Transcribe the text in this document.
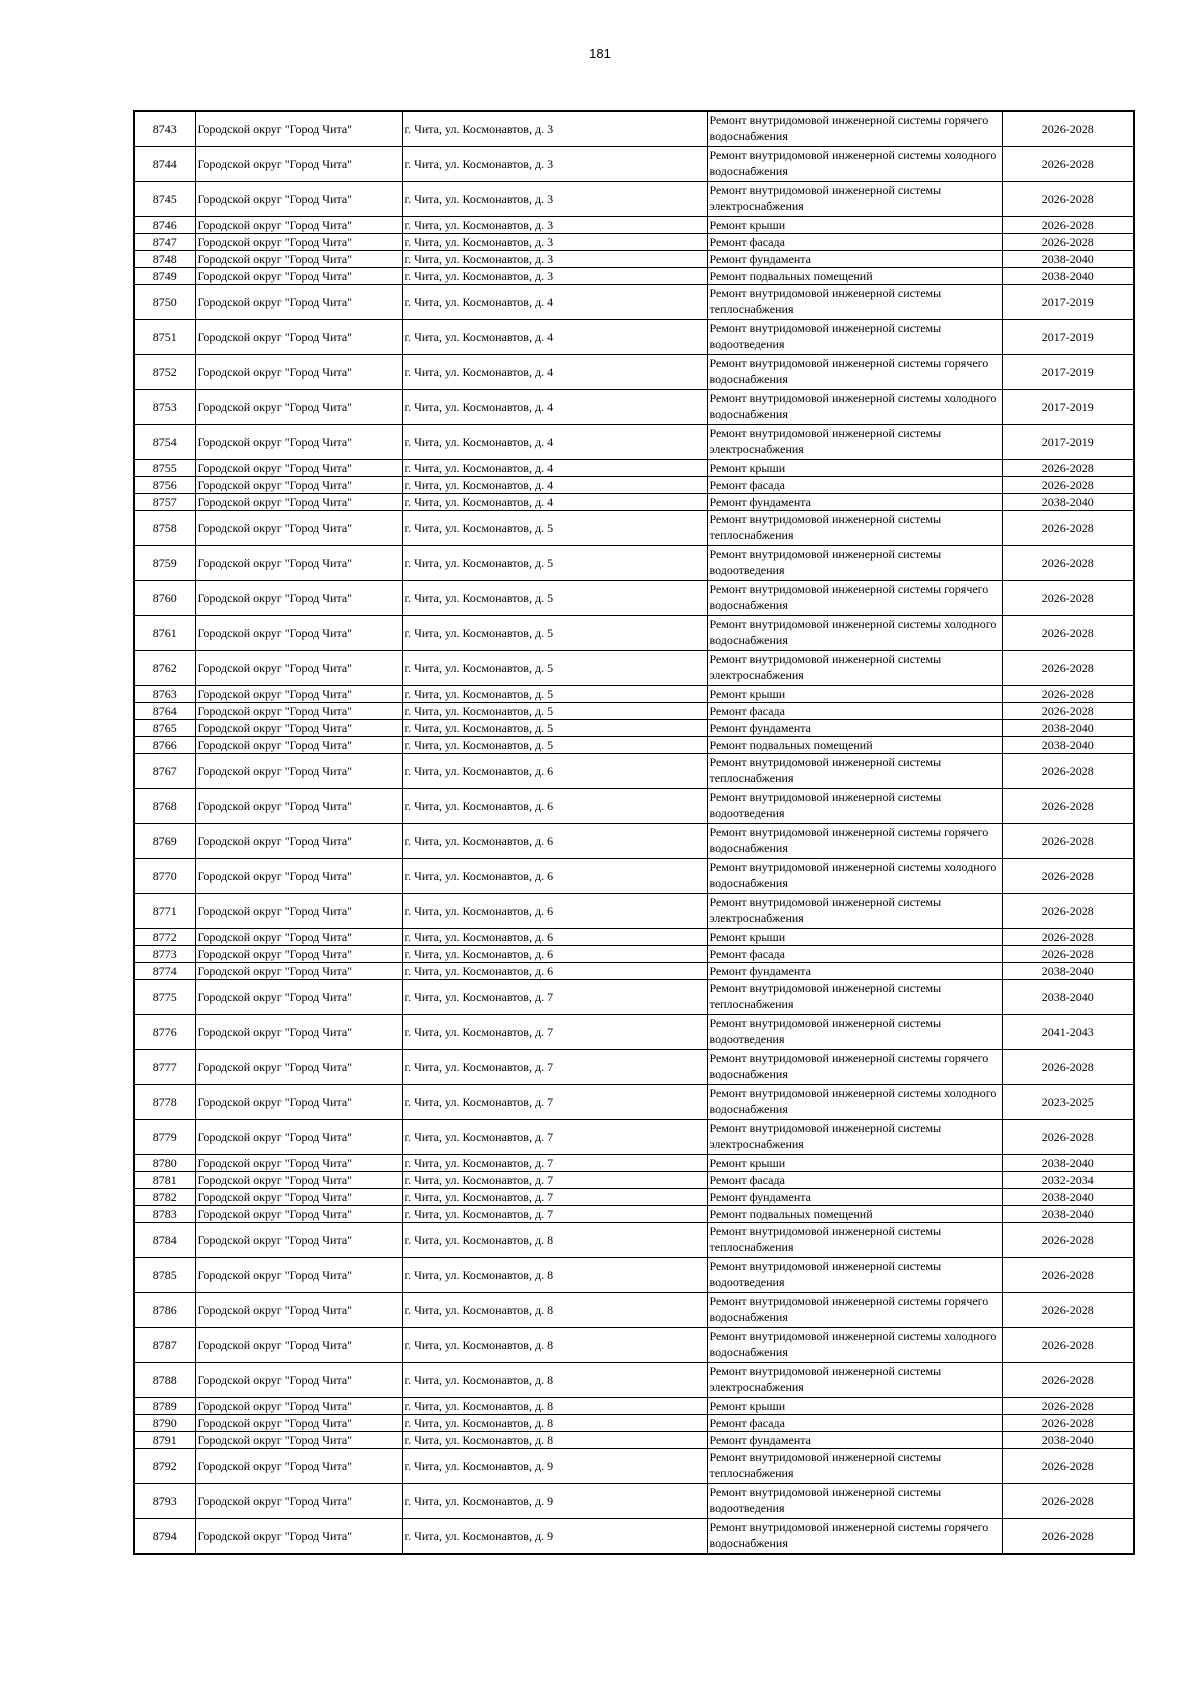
181
8743	Городской округ "Город Чита"	г. Чита, ул. Космонавтов, д. 3	Ремонт внутридомовой инженерной системы горячего водоснабжения	2026-2028
8744	Городской округ "Город Чита"	г. Чита, ул. Космонавтов, д. 3	Ремонт внутридомовой инженерной системы холодного водоснабжения	2026-2028
8745	Городской округ "Город Чита"	г. Чита, ул. Космонавтов, д. 3	Ремонт внутридомовой инженерной системы электроснабжения	2026-2028
8746	Городской округ "Город Чита"	г. Чита, ул. Космонавтов, д. 3	Ремонт крыши	2026-2028
8747	Городской округ "Город Чита"	г. Чита, ул. Космонавтов, д. 3	Ремонт фасада	2026-2028
8748	Городской округ "Город Чита"	г. Чита, ул. Космонавтов, д. 3	Ремонт фундамента	2038-2040
8749	Городской округ "Город Чита"	г. Чита, ул. Космонавтов, д. 3	Ремонт подвальных помещений	2038-2040
8750	Городской округ "Город Чита"	г. Чита, ул. Космонавтов, д. 4	Ремонт внутридомовой инженерной системы теплоснабжения	2017-2019
8751	Городской округ "Город Чита"	г. Чита, ул. Космонавтов, д. 4	Ремонт внутридомовой инженерной системы водоотведения	2017-2019
8752	Городской округ "Город Чита"	г. Чита, ул. Космонавтов, д. 4	Ремонт внутридомовой инженерной системы горячего водоснабжения	2017-2019
8753	Городской округ "Город Чита"	г. Чита, ул. Космонавтов, д. 4	Ремонт внутридомовой инженерной системы холодного водоснабжения	2017-2019
8754	Городской округ "Город Чита"	г. Чита, ул. Космонавтов, д. 4	Ремонт внутридомовой инженерной системы электроснабжения	2017-2019
8755	Городской округ "Город Чита"	г. Чита, ул. Космонавтов, д. 4	Ремонт крыши	2026-2028
8756	Городской округ "Город Чита"	г. Чита, ул. Космонавтов, д. 4	Ремонт фасада	2026-2028
8757	Городской округ "Город Чита"	г. Чита, ул. Космонавтов, д. 4	Ремонт фундамента	2038-2040
8758	Городской округ "Город Чита"	г. Чита, ул. Космонавтов, д. 5	Ремонт внутридомовой инженерной системы теплоснабжения	2026-2028
8759	Городской округ "Город Чита"	г. Чита, ул. Космонавтов, д. 5	Ремонт внутридомовой инженерной системы водоотведения	2026-2028
8760	Городской округ "Город Чита"	г. Чита, ул. Космонавтов, д. 5	Ремонт внутридомовой инженерной системы горячего водоснабжения	2026-2028
8761	Городской округ "Город Чита"	г. Чита, ул. Космонавтов, д. 5	Ремонт внутридомовой инженерной системы холодного водоснабжения	2026-2028
8762	Городской округ "Город Чита"	г. Чита, ул. Космонавтов, д. 5	Ремонт внутридомовой инженерной системы электроснабжения	2026-2028
8763	Городской округ "Город Чита"	г. Чита, ул. Космонавтов, д. 5	Ремонт крыши	2026-2028
8764	Городской округ "Город Чита"	г. Чита, ул. Космонавтов, д. 5	Ремонт фасада	2026-2028
8765	Городской округ "Город Чита"	г. Чита, ул. Космонавтов, д. 5	Ремонт фундамента	2038-2040
8766	Городской округ "Город Чита"	г. Чита, ул. Космонавтов, д. 5	Ремонт подвальных помещений	2038-2040
8767	Городской округ "Город Чита"	г. Чита, ул. Космонавтов, д. 6	Ремонт внутридомовой инженерной системы теплоснабжения	2026-2028
8768	Городской округ "Город Чита"	г. Чита, ул. Космонавтов, д. 6	Ремонт внутридомовой инженерной системы водоотведения	2026-2028
8769	Городской округ "Город Чита"	г. Чита, ул. Космонавтов, д. 6	Ремонт внутридомовой инженерной системы горячего водоснабжения	2026-2028
8770	Городской округ "Город Чита"	г. Чита, ул. Космонавтов, д. 6	Ремонт внутридомовой инженерной системы холодного водоснабжения	2026-2028
8771	Городской округ "Город Чита"	г. Чита, ул. Космонавтов, д. 6	Ремонт внутридомовой инженерной системы электроснабжения	2026-2028
8772	Городской округ "Город Чита"	г. Чита, ул. Космонавтов, д. 6	Ремонт крыши	2026-2028
8773	Городской округ "Город Чита"	г. Чита, ул. Космонавтов, д. 6	Ремонт фасада	2026-2028
8774	Городской округ "Город Чита"	г. Чита, ул. Космонавтов, д. 6	Ремонт фундамента	2038-2040
8775	Городской округ "Город Чита"	г. Чита, ул. Космонавтов, д. 7	Ремонт внутридомовой инженерной системы теплоснабжения	2038-2040
8776	Городской округ "Город Чита"	г. Чита, ул. Космонавтов, д. 7	Ремонт внутридомовой инженерной системы водоотведения	2041-2043
8777	Городской округ "Город Чита"	г. Чита, ул. Космонавтов, д. 7	Ремонт внутридомовой инженерной системы горячего водоснабжения	2026-2028
8778	Городской округ "Город Чита"	г. Чита, ул. Космонавтов, д. 7	Ремонт внутридомовой инженерной системы холодного водоснабжения	2023-2025
8779	Городской округ "Город Чита"	г. Чита, ул. Космонавтов, д. 7	Ремонт внутридомовой инженерной системы электроснабжения	2026-2028
8780	Городской округ "Город Чита"	г. Чита, ул. Космонавтов, д. 7	Ремонт крыши	2038-2040
8781	Городской округ "Город Чита"	г. Чита, ул. Космонавтов, д. 7	Ремонт фасада	2032-2034
8782	Городской округ "Город Чита"	г. Чита, ул. Космонавтов, д. 7	Ремонт фундамента	2038-2040
8783	Городской округ "Город Чита"	г. Чита, ул. Космонавтов, д. 7	Ремонт подвальных помещений	2038-2040
8784	Городской округ "Город Чита"	г. Чита, ул. Космонавтов, д. 8	Ремонт внутридомовой инженерной системы теплоснабжения	2026-2028
8785	Городской округ "Город Чита"	г. Чита, ул. Космонавтов, д. 8	Ремонт внутридомовой инженерной системы водоотведения	2026-2028
8786	Городской округ "Город Чита"	г. Чита, ул. Космонавтов, д. 8	Ремонт внутридомовой инженерной системы горячего водоснабжения	2026-2028
8787	Городской округ "Город Чита"	г. Чита, ул. Космонавтов, д. 8	Ремонт внутридомовой инженерной системы холодного водоснабжения	2026-2028
8788	Городской округ "Город Чита"	г. Чита, ул. Космонавтов, д. 8	Ремонт внутридомовой инженерной системы электроснабжения	2026-2028
8789	Городской округ "Город Чита"	г. Чита, ул. Космонавтов, д. 8	Ремонт крыши	2026-2028
8790	Городской округ "Город Чита"	г. Чита, ул. Космонавтов, д. 8	Ремонт фасада	2026-2028
8791	Городской округ "Город Чита"	г. Чита, ул. Космонавтов, д. 8	Ремонт фундамента	2038-2040
8792	Городской округ "Город Чита"	г. Чита, ул. Космонавтов, д. 9	Ремонт внутридомовой инженерной системы теплоснабжения	2026-2028
8793	Городской округ "Город Чита"	г. Чита, ул. Космонавтов, д. 9	Ремонт внутридомовой инженерной системы водоотведения	2026-2028
8794	Городской округ "Город Чита"	г. Чита, ул. Космонавтов, д. 9	Ремонт внутридомовой инженерной системы горячего водоснабжения	2026-2028
